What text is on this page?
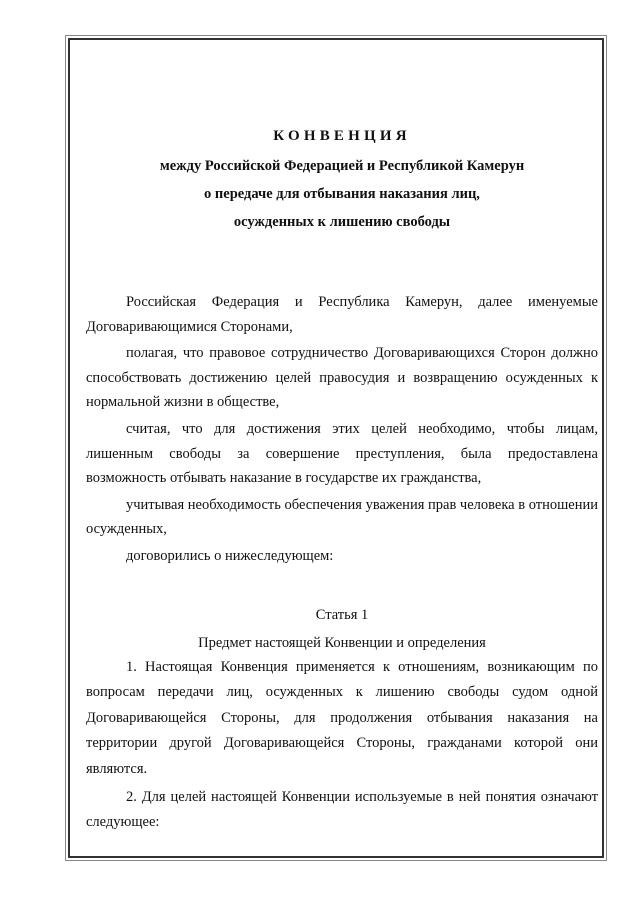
КОНВЕНЦИЯ

между Российской Федерацией и Республикой Камерун

о передаче для отбывания наказания лиц,

осужденных к лишению свободы

Российская Федерация и Республика Камерун, далее именуемые Договаривающимися Сторонами,

полагая, что правовое сотрудничество Договаривающихся Сторон должно способствовать достижению целей правосудия и возвращению осужденных к нормальной жизни в обществе,

считая, что для достижения этих целей необходимо, чтобы лицам, лишенным свободы за совершение преступления, была предоставлена возможность отбывать наказание в государстве их гражданства,

учитывая необходимость обеспечения уважения прав человека в отношении осужденных,

договорились о нижеследующем:

Статья 1

Предмет настоящей Конвенции и определения

1. Настоящая Конвенция применяется к отношениям, возникающим по вопросам передачи лиц, осужденных к лишению свободы судом одной Договаривающейся Стороны, для продолжения отбывания наказания на территории другой Договаривающейся Стороны, гражданами которой они являются.

2. Для целей настоящей Конвенции используемые в ней понятия означают следующее:
